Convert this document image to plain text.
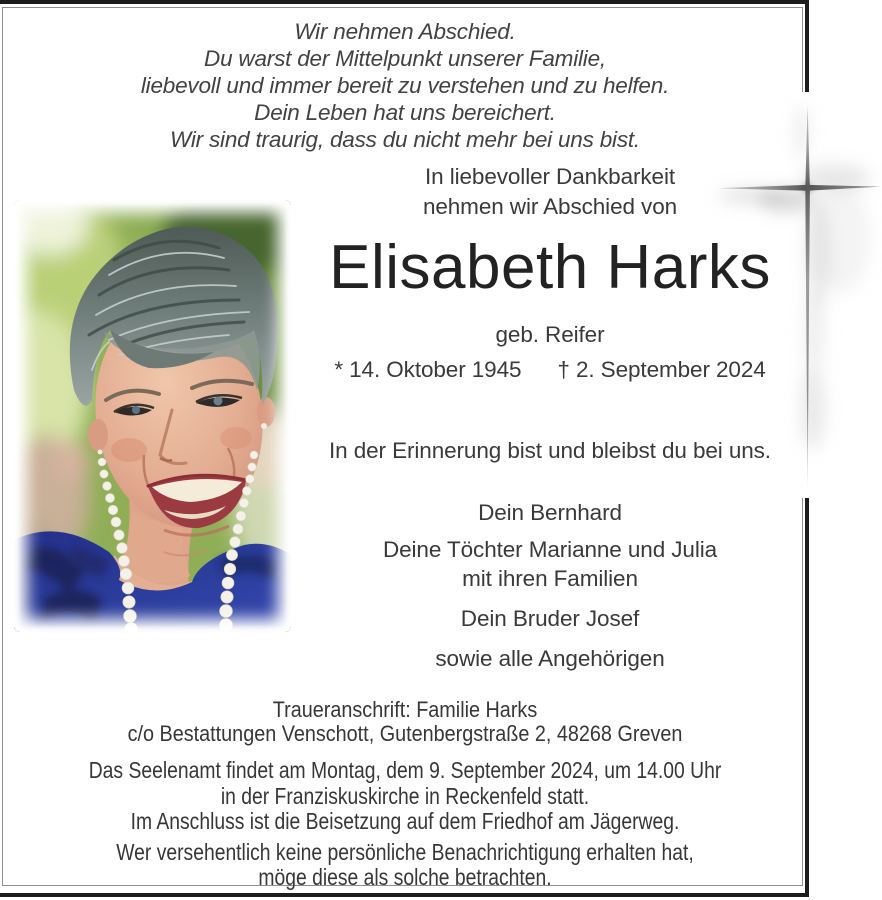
Wir nehmen Abschied.
Du warst der Mittelpunkt unserer Familie,
liebevoll und immer bereit zu verstehen und zu helfen.
Dein Leben hat uns bereichert.
Wir sind traurig, dass du nicht mehr bei uns bist.
In liebevoller Dankbarkeit
nehmen wir Abschied von
Elisabeth Harks
geb. Reifer
* 14. Oktober 1945 † 2. September 2024
In der Erinnerung bist und bleibst du bei uns.
Dein Bernhard
Deine Töchter Marianne und Julia
mit ihren Familien
Dein Bruder Josef
sowie alle Angehörigen
Traueranschrift: Familie Harks
c/o Bestattungen Venschott, Gutenbergstraße 2, 48268 Greven
Das Seelenamt findet am Montag, dem 9. September 2024, um 14.00 Uhr
in der Franziskuskirche in Reckenfeld statt.
Im Anschluss ist die Beisetzung auf dem Friedhof am Jägerweg.
Wer versehentlich keine persönliche Benachrichtigung erhalten hat,
möge diese als solche betrachten.
